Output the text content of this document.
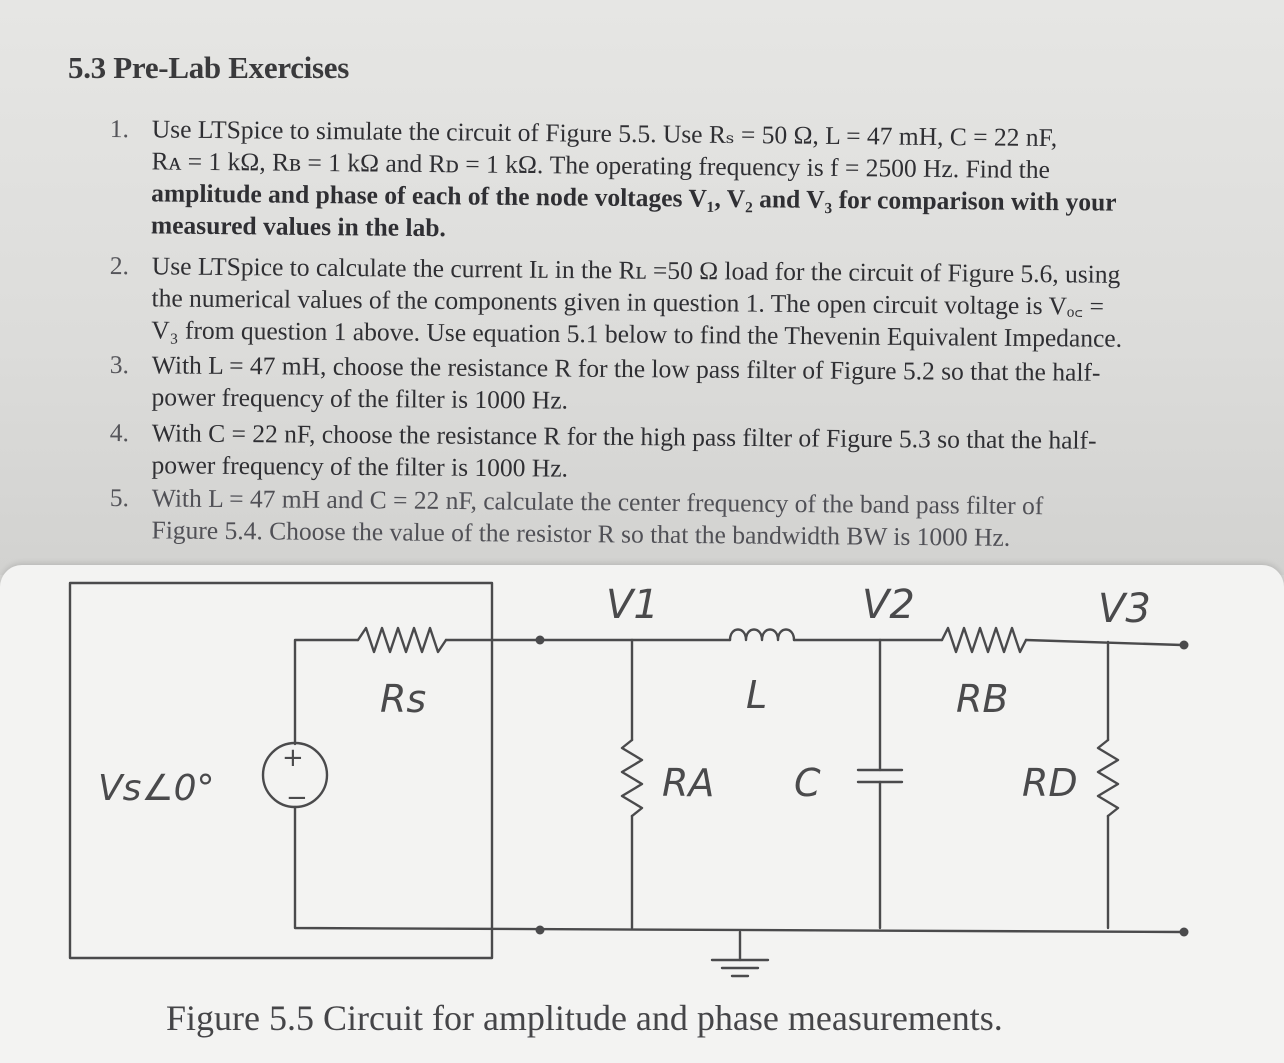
5.3 Pre-Lab Exercises
1. Use LTSpice to simulate the circuit of Figure 5.5. Use Rₛ = 50 Ω, L = 47 mH, C = 22 nF,
Rᴀ = 1 kΩ, Rʙ = 1 kΩ and Rᴅ = 1 kΩ. The operating frequency is f = 2500 Hz. Find the
amplitude and phase of each of the node voltages V₁, V₂ and V₃ for comparison with your
measured values in the lab.
2. Use LTSpice to calculate the current Iʟ in the Rʟ =50 Ω load for the circuit of Figure 5.6, using
the numerical values of the components given in question 1. The open circuit voltage is Vₒ꜀ =
V₃ from question 1 above. Use equation 5.1 below to find the Thevenin Equivalent Impedance.
3. With L = 47 mH, choose the resistance R for the low pass filter of Figure 5.2 so that the half-
power frequency of the filter is 1000 Hz.
4. With C = 22 nF, choose the resistance R for the high pass filter of Figure 5.3 so that the half-
power frequency of the filter is 1000 Hz.
5. With L = 47 mH and C = 22 nF, calculate the center frequency of the band pass filter of
Figure 5.4. Choose the value of the resistor R so that the bandwidth BW is 1000 Hz.
+
−
Vs∠0°
Rs
RA
L
C
RB
RD
V1	V2	V3
Figure 5.5 Circuit for amplitude and phase measurements.
